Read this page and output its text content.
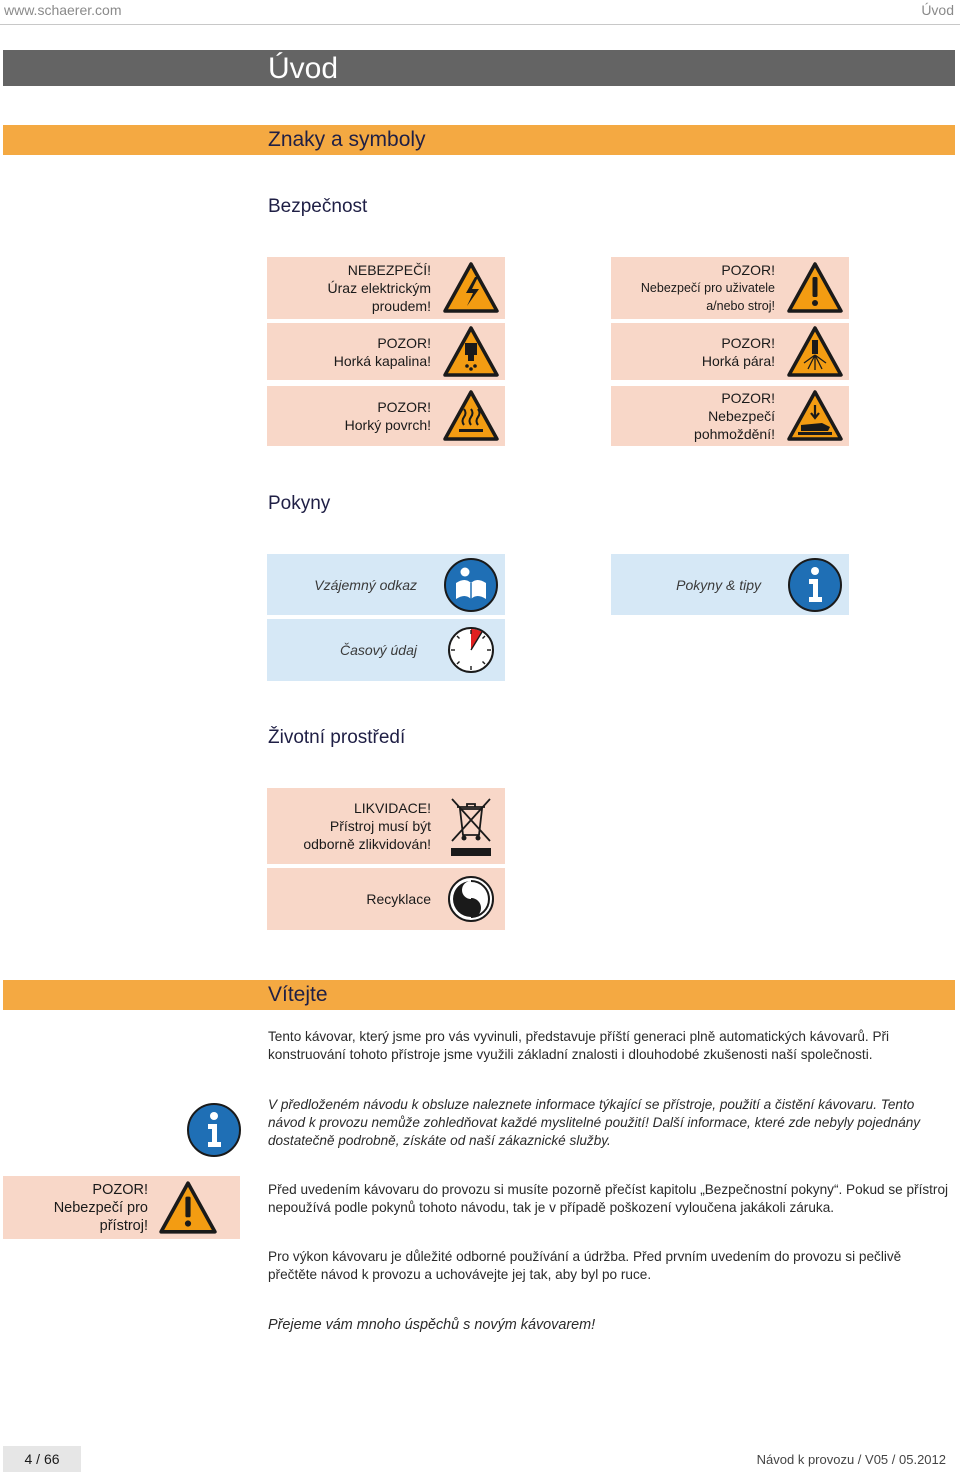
www.schaerer.com	Úvod
Úvod
Znaky a symboly
Bezpečnost
NEBEZPEČÍ!
Úraz elektrickým
proudem!
POZOR!
Horká kapalina!
POZOR!
Horký povrch!
POZOR!
Nebezpečí pro uživatele
a/nebo stroj!
POZOR!
Horká pára!
POZOR!
Nebezpečí
pohmoždění!
Pokyny
Vzájemný odkaz	Pokyny & tipy
Časový údaj
Životní prostředí
LIKVIDACE!
Přístroj musí být
odborně zlikvidován!
Recyklace
Vítejte
Tento kávovar, který jsme pro vás vyvinuli, představuje příští generaci plně automatických kávovarů. Při konstruování tohoto přístroje jsme využili základní znalosti i dlouhodobé zkušenosti naší společnosti.
V předloženém návodu k obsluze naleznete informace týkající se přístroje, použití a čistění kávovaru. Tento návod k provozu nemůže zohledňovat každé myslitelné použití! Další informace, které zde nebyly pojednány dostatečně podrobně, získáte od naší zákaznické služby.
POZOR!
Nebezpečí pro
přístroj!
Před uvedením kávovaru do provozu si musíte pozorně přečíst kapitolu „Bezpečnostní pokyny“. Pokud se přístroj nepoužívá podle pokynů tohoto návodu, tak je v případě poškození vyloučena jakákoli záruka.
Pro výkon kávovaru je důležité odborné používání a údržba. Před prvním uvedením do provozu si pečlivě přečtěte návod k provozu a uchovávejte jej tak, aby byl po ruce.
Přejeme vám mnoho úspěchů s novým kávovarem!
4 / 66	Návod k provozu / V05 / 05.2012
